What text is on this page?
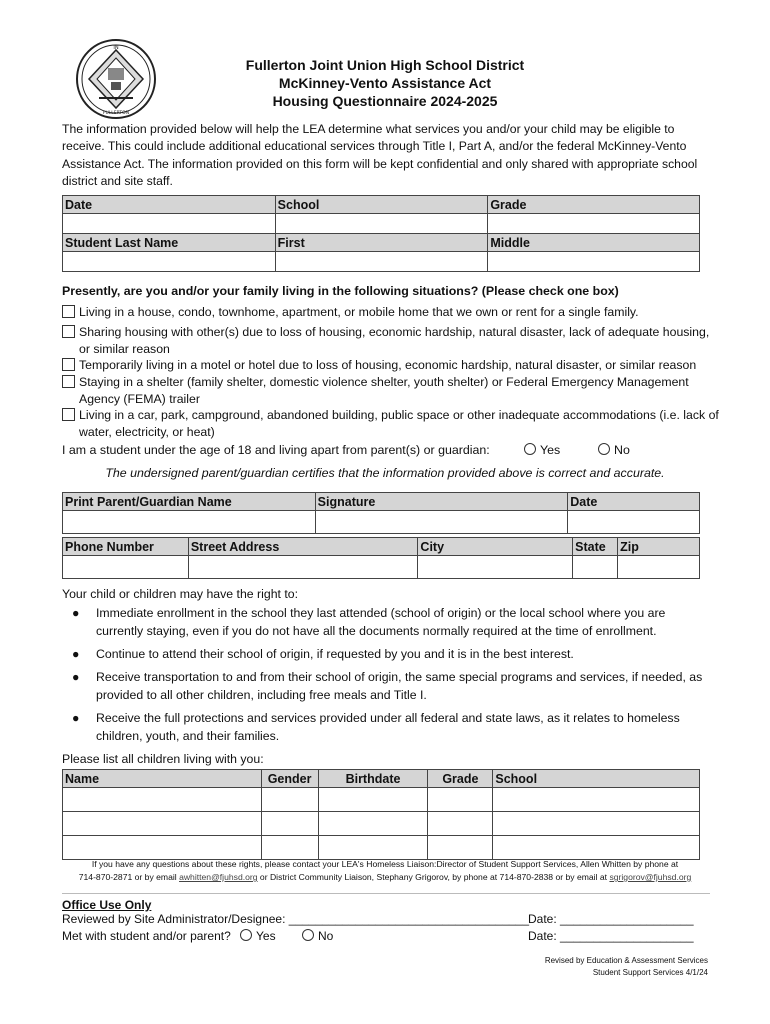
IN
FULLERTON
Fullerton Joint Union High School District
McKinney-Vento Assistance Act
Housing Questionnaire 2024-2025
The information provided below will help the LEA determine what services you and/or your child may be eligible to receive. This could include additional educational services through Title I, Part A, and/or the federal McKinney-Vento Assistance Act. The information provided on this form will be kept confidential and only shared with appropriate school district and site staff.
Date	School	Grade

Student Last Name	First	Middle

Presently, are you and/or your family living in the following situations? (Please check one box)
Living in a house, condo, townhome, apartment, or mobile home that we own or rent for a single family.
Sharing housing with other(s) due to loss of housing, economic hardship, natural disaster, lack of adequate housing, or similar reason
Temporarily living in a motel or hotel due to loss of housing, economic hardship, natural disaster, or similar reason
Staying in a shelter (family shelter, domestic violence shelter, youth shelter) or Federal Emergency Management Agency (FEMA) trailer
Living in a car, park, campground, abandoned building, public space or other inadequate accommodations (i.e. lack of water, electricity, or heat)
I am a student under the age of 18 and living apart from parent(s) or guardian:	Yes	No
The undersigned parent/guardian certifies that the information provided above is correct and accurate.
Print Parent/Guardian Name	Signature	Date

Phone Number	Street Address	City	State	Zip

Your child or children may have the right to:
● Immediate enrollment in the school they last attended (school of origin) or the local school where you are currently staying, even if you do not have all the documents normally required at the time of enrollment.
● Continue to attend their school of origin, if requested by you and it is in the best interest.
● Receive transportation to and from their school of origin, the same special programs and services, if needed, as provided to all other children, including free meals and Title I.
● Receive the full protections and services provided under all federal and state laws, as it relates to homeless children, youth, and their families.
Please list all children living with you:
Name	Gender	Birthdate	Grade	School

If you have any questions about these rights, please contact your LEA's Homeless Liaison:Director of Student Support Services, Allen Whitten by phone at
714-870-2871 or by email awhitten@fjuhsd.org or District Community Liaison, Stephany Grigorov, by phone at 714-870-2838 or by email at sgrigorov@fjuhsd.org
Office Use Only
Reviewed by Site Administrator/Designee: ____________________________________
Date: ____________________
Met with student and/or parent?	Yes	No	Date: ____________________
Revised by Education & Assessment Services
Student Support Services 4/1/24
